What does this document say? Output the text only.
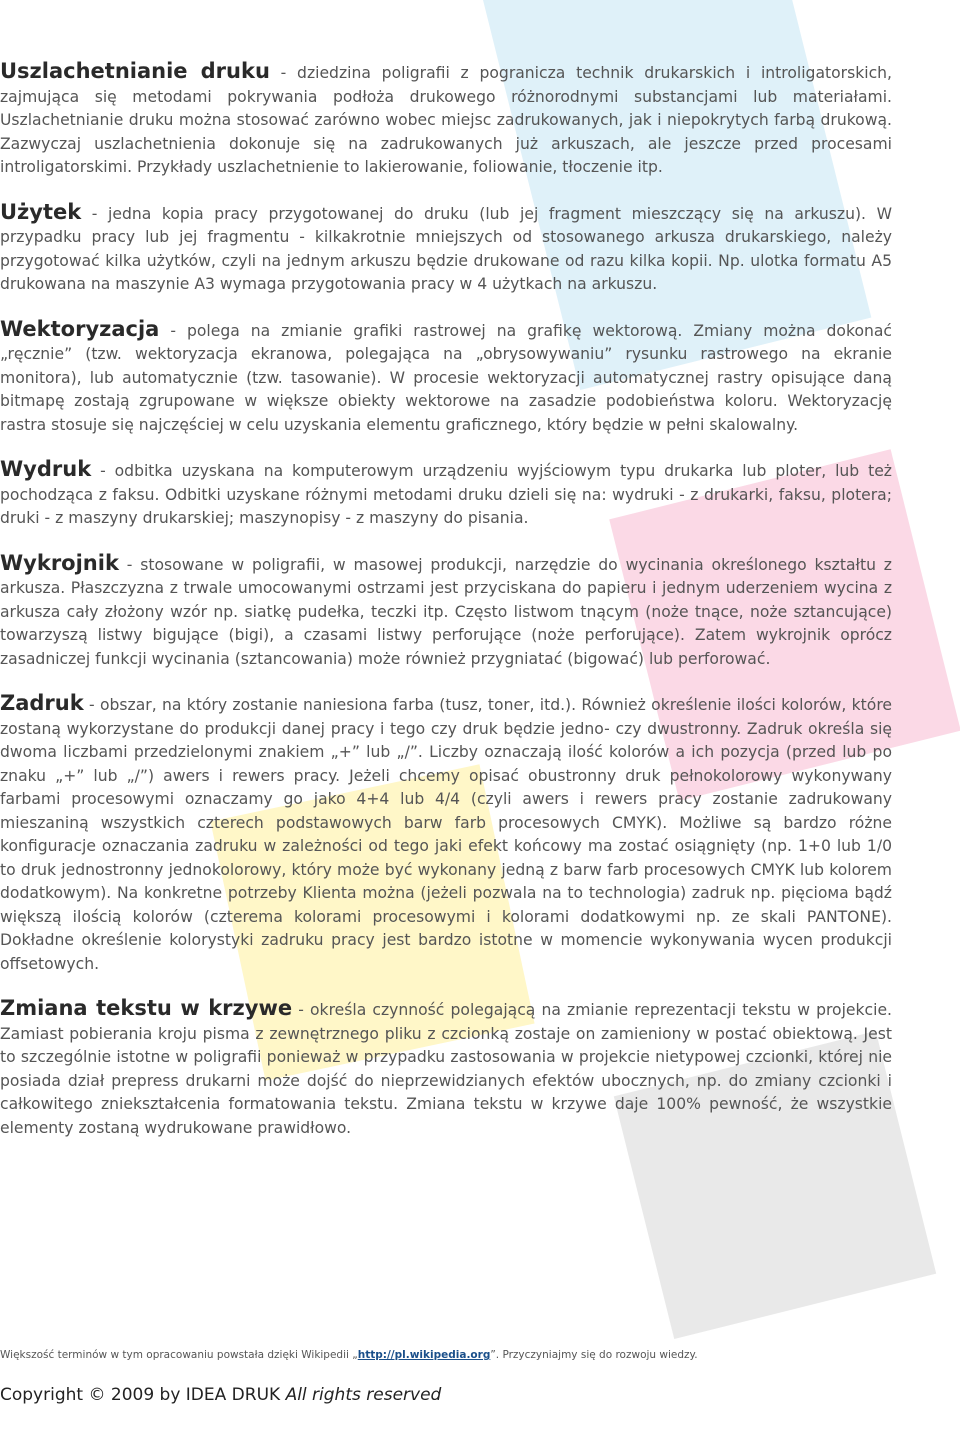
Uszlachetnianie druku - dziedzina poligrafii z pogranicza technik drukarskich i introligatorskich, zajmująca się metodami pokrywania podłoża drukowego różnorodnymi substancjami lub materiałami. Uszlachetnianie druku można stosować zarówno wobec miejsc zadrukowanych, jak i niepokrytych farbą drukową. Zazwyczaj uszlachetnienia dokonuje się na zadrukowanych już arkuszach, ale jeszcze przed procesami introligatorskimi. Przykłady uszlachetnienie to lakierowanie, foliowanie, tłoczenie itp.

Użytek - jedna kopia pracy przygotowanej do druku (lub jej fragment mieszczący się na arkuszu). W przypadku pracy lub jej fragmentu - kilkakrotnie mniejszych od stosowanego arkusza drukarskiego, należy przygotować kilka użytków, czyli na jednym arkuszu będzie drukowane od razu kilka kopii. Np. ulotka formatu A5 drukowana na maszynie A3 wymaga przygotowania pracy w 4 użytkach na arkuszu.

Wektoryzacja - polega na zmianie grafiki rastrowej na grafikę wektorową. Zmiany można dokonać „ręcznie” (tzw. wektoryzacja ekranowa, polegająca na „obrysowywaniu” rysunku rastrowego na ekranie monitora), lub automatycznie (tzw. tasowanie). W procesie wektoryzacji automatycznej rastry opisujące daną bitmapę zostają zgrupowane w większe obiekty wektorowe na zasadzie podobieństwa koloru. Wektoryzację rastra stosuje się najczęściej w celu uzyskania elementu graficznego, który będzie w pełni skalowalny.

Wydruk - odbitka uzyskana na komputerowym urządzeniu wyjściowym typu drukarka lub ploter, lub też pochodząca z faksu. Odbitki uzyskane różnymi metodami druku dzieli się na: wydruki - z drukarki, faksu, plotera; druki - z maszyny drukarskiej; maszynopisy - z maszyny do pisania.

Wykrojnik - stosowane w poligrafii, w masowej produkcji, narzędzie do wycinania określonego kształtu z arkusza. Płaszczyzna z trwale umocowanymi ostrzami jest przyciskana do papieru i jednym uderzeniem wycina z arkusza cały złożony wzór np. siatkę pudełka, teczki itp. Często listwom tnącym (noże tnące, noże sztancujące) towarzyszą listwy bigujące (bigi), a czasami listwy perforujące (noże perforujące). Zatem wykrojnik oprócz zasadniczej funkcji wycinania (sztancowania) może również przygniatać (bigować) lub perforować.

Zadruk - obszar, na który zostanie naniesiona farba (tusz, toner, itd.). Również określenie ilości kolorów, które zostaną wykorzystane do produkcji danej pracy i tego czy druk będzie jedno- czy dwustronny. Zadruk określa się dwoma liczbami przedzielonymi znakiem „+” lub „/”. Liczby oznaczają ilość kolorów a ich pozycja (przed lub po znaku „+” lub „/”) awers i rewers pracy. Jeżeli chcemy opisać obustronny druk pełnokolorowy wykonywany farbami procesowymi oznaczamy go jako 4+4 lub 4/4 (czyli awers i rewers pracy zostanie zadrukowany mieszaniną wszystkich czterech podstawowych barw farb procesowych CMYK). Możliwe są bardzo różne konfiguracje oznaczania zadruku w zależności od tego jaki efekt końcowy ma zostać osiągnięty (np. 1+0 lub 1/0 to druk jednostronny jednokolorowy, który może być wykonany jedną z barw farb procesowych CMYK lub kolorem dodatkowym). Na konkretne potrzeby Klienta można (jeżeli pozwala na to technologia) zadruk np. pięciома bądź większą ilością kolorów (czterema kolorami procesowymi i kolorami dodatkowymi np. ze skali PANTONE). Dokładne określenie kolorystyki zadruku pracy jest bardzo istotne w momencie wykonywania wycen produkcji offsetowych.

Zmiana tekstu w krzywe - określa czynność polegającą na zmianie reprezentacji tekstu w projekcie. Zamiast pobierania kroju pisma z zewnętrznego pliku z czcionką zostaje on zamieniony w postać obiektową. Jest to szczególnie istotne w poligrafii ponieważ w przypadku zastosowania w projekcie nietypowej czcionki, której nie posiada dział prepress drukarni może dojść do nieprzewidzianych efektów ubocznych, np. do zmiany czcionki i całkowitego zniekształcenia formatowania tekstu. Zmiana tekstu w krzywe daje 100% pewność, że wszystkie elementy zostaną wydrukowane prawidłowo.

Większość terminów w tym opracowaniu powstała dzięki Wikipedii „http://pl.wikipedia.org”. Przyczyniajmy się do rozwoju wiedzy.
Copyright © 2009 by IDEA DRUK All rights reserved
